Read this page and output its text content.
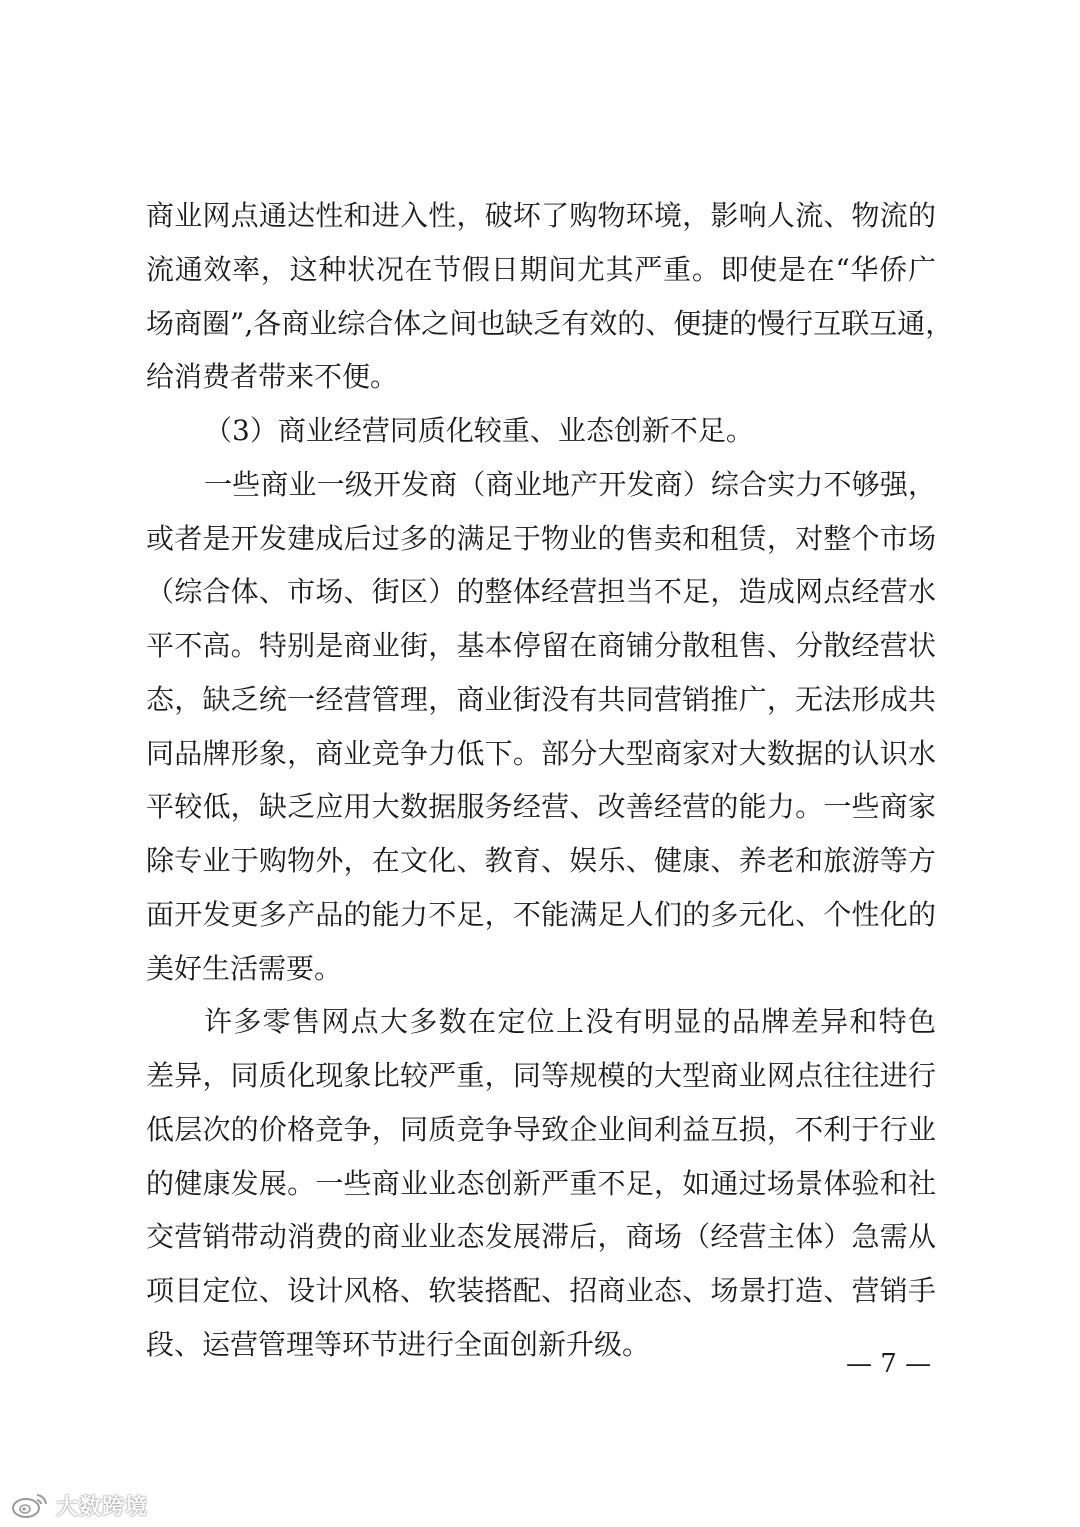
商业网点通达性和进入性，破坏了购物环境，影响人流、物流的

流通效率，这种状况在节假日期间尤其严重。即使是在“华侨广

场商圈”,各商业综合体之间也缺乏有效的、便捷的慢行互联互通，

给消费者带来不便。

（3）商业经营同质化较重、业态创新不足。

一些商业一级开发商（商业地产开发商）综合实力不够强，

或者是开发建成后过多的满足于物业的售卖和租赁，对整个市场

（综合体、市场、街区）的整体经营担当不足，造成网点经营水

平不高。特别是商业街，基本停留在商铺分散租售、分散经营状

态，缺乏统一经营管理，商业街没有共同营销推广，无法形成共

同品牌形象，商业竞争力低下。部分大型商家对大数据的认识水

平较低，缺乏应用大数据服务经营、改善经营的能力。一些商家

除专业于购物外，在文化、教育、娱乐、健康、养老和旅游等方

面开发更多产品的能力不足，不能满足人们的多元化、个性化的

美好生活需要。

许多零售网点大多数在定位上没有明显的品牌差异和特色

差异，同质化现象比较严重，同等规模的大型商业网点往往进行

低层次的价格竞争，同质竞争导致企业间利益互损，不利于行业

的健康发展。一些商业业态创新严重不足，如通过场景体验和社

交营销带动消费的商业业态发展滞后，商场（经营主体）急需从

项目定位、设计风格、软装搭配、招商业态、场景打造、营销手

段、运营管理等环节进行全面创新升级。

— 7 —
大数跨境
